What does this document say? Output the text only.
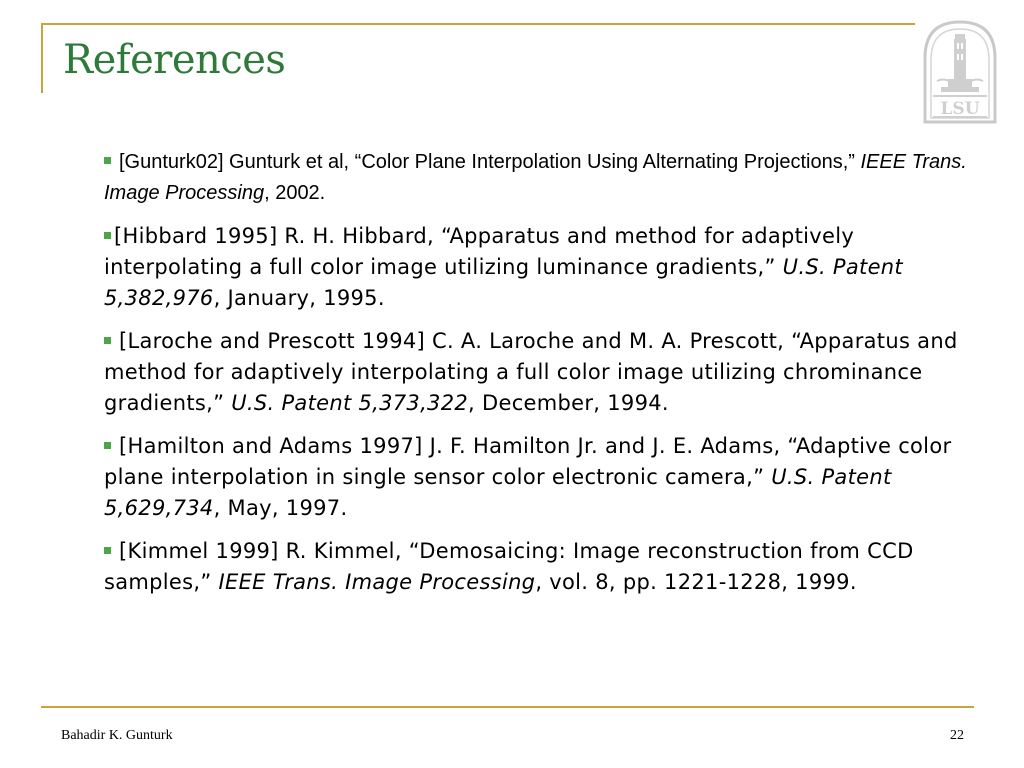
References
LSU
[Gunturk02] Gunturk et al, “Color Plane Interpolation Using Alternating Projections,” IEEE Trans. Image Processing, 2002.
[Hibbard 1995] R. H. Hibbard, “Apparatus and method for adaptively interpolating a full color image utilizing luminance gradients,” U.S. Patent 5,382,976, January, 1995.
[Laroche and Prescott 1994] C. A. Laroche and M. A. Prescott, “Apparatus and method for adaptively interpolating a full color image utilizing chrominance gradients,” U.S. Patent 5,373,322, December, 1994.
[Hamilton and Adams 1997] J. F. Hamilton Jr. and J. E. Adams, “Adaptive color plane interpolation in single sensor color electronic camera,” U.S. Patent 5,629,734, May, 1997.
[Kimmel 1999] R. Kimmel, “Demosaicing: Image reconstruction from CCD samples,” IEEE Trans. Image Processing, vol. 8, pp. 1221-1228, 1999.
Bahadir K. Gunturk	22
